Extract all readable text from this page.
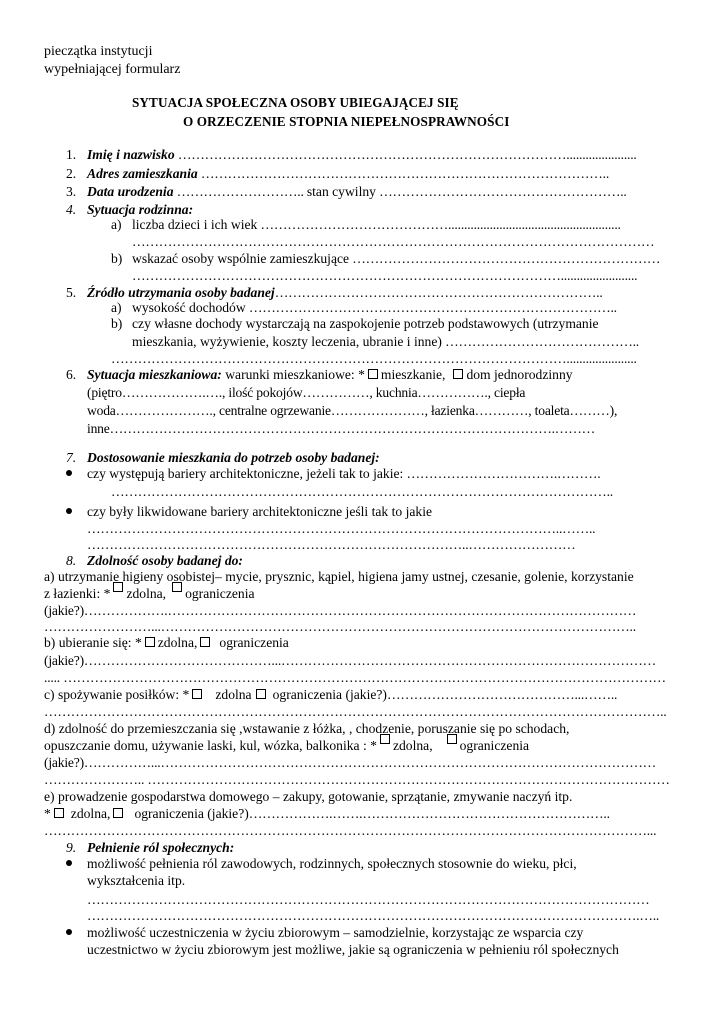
pieczątka instytucji
wypełniającej formularz
SYTUACJA SPOŁECZNA OSOBY UBIEGAJĄCEJ SIĘ
O ORZECZENIE STOPNIA NIEPEŁNOSPRAWNOŚCI
1. Imię i nazwisko ……………………………………………………………………………......................
2. Adres zamieszkania ………………………………………………………………………………..
3. Data urodzenia ……………………….. stan cywilny ………………………………………………..
4. Sytuacja rodzinna:
a) liczba dzieci i ich wiek ……………………………………......................................................
………………………………………………………………………………………………………
b) wskazać osoby wspólnie zamieszkujące ……………………………………………………………
……………………………………………………………………………………........................
5. Źródło utrzymania osoby badanej………………………………………………………………..
a) wysokość dochodów ………………………………………………………………………..
b) czy własne dochody wystarczają na zaspokojenie potrzeb podstawowych (utrzymanie
mieszkania, wyżywienie, koszty leczenia, ubranie i inne) ……………………………………..
…………………………………………………………………………………………......................
6. Sytuacja mieszkaniowa: warunki mieszkaniowe: * mieszkanie, dom jednorodzinny
(piętro……………….…., ilość pokojów……………, kuchnia……………., ciepła
woda…………………., centralne ogrzewanie…………………, łazienka…………, toaleta………),
inne……………………………………………………………………………………….………
7. Dostosowanie mieszkania do potrzeb osoby badanej:
czy występują bariery architektoniczne, jeżeli tak to jakie: …………………………….……….
…………………………………………………………………………………………………..
czy były likwidowane bariery architektoniczne jeśli tak to jakie
……………………………………………………………………………………………..……..
…………………………………………………………………………..……………………
8. Zdolność osoby badanej do:
a) utrzymanie higieny osobistej– mycie, prysznic, kąpiel, higiena jamy ustnej, czesanie, golenie, korzystanie
z łazienki: * zdolna, ograniczenia
(jakie?)……………….……………………………………………………………………………………………
……………………...……………………………………………………………………………………………..
b) ubieranie się: * zdolna, ograniczenia
(jakie?)……………………………………...…………………………………………………………………………
..... ………………………………………………………………………………………………………………………
c) spożywanie posiłków: * zdolna ograniczenia (jakie?)……………………………………...……..
…………………………………………………………………………………………………………………………..
d) zdolność do przemieszczania się ,wstawanie z łóżka, , chodzenie, poruszanie się po schodach,
opuszczanie domu, używanie laski, kul, wózka, balkonika : * zdolna, ograniczenia
(jakie?)……………...…………………………………………………………………………………………………
………………….. ………………………………………………………………………………………………………
e) prowadzenie gospodarstwa domowego – zakupy, gotowanie, sprzątanie, zmywanie naczyń itp.
* zdolna, ograniczenia (jakie?)……………….…….………………………………………………..
………………………………………………………………………………………………………………………...
9. Pełnienie ról społecznych:
możliwość pełnienia ról zawodowych, rodzinnych, społecznych stosownie do wieku, płci,
wykształcenia itp.
………………………………………………………………………………………………………………
…………………………………………………………………………………………………………….…..
możliwość uczestniczenia w życiu zbiorowym – samodzielnie, korzystając ze wsparcia czy
uczestnictwo w życiu zbiorowym jest możliwe, jakie są ograniczenia w pełnieniu ról społecznych
